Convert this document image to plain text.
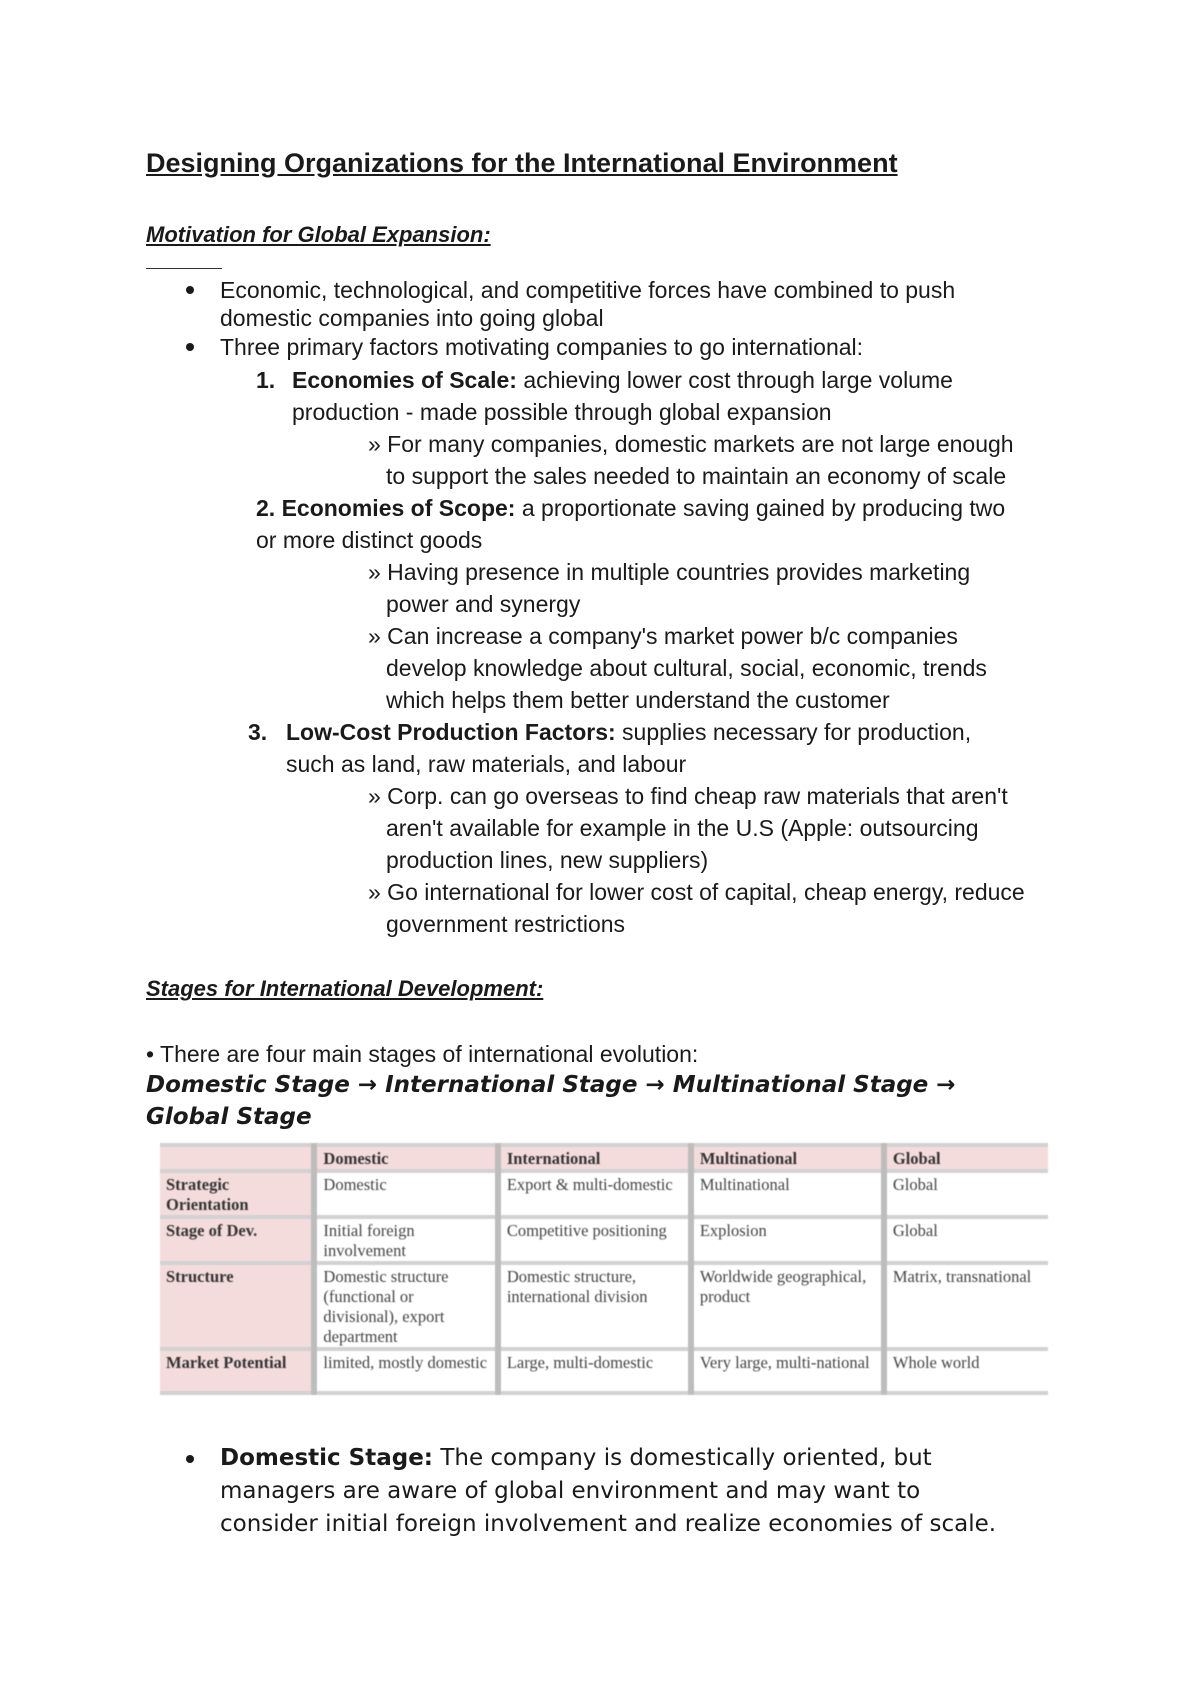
Designing Organizations for the International Environment
Motivation for Global Expansion:
Economic, technological, and competitive forces have combined to push
domestic companies into going global
Three primary factors motivating companies to go international:
1. Economies of Scale: achieving lower cost through large volume
production - made possible through global expansion
» For many companies, domestic markets are not large enough
to support the sales needed to maintain an economy of scale
2. Economies of Scope: a proportionate saving gained by producing two
or more distinct goods
» Having presence in multiple countries provides marketing
power and synergy
» Can increase a company's market power b/c companies
develop knowledge about cultural, social, economic, trends
which helps them better understand the customer
3. Low-Cost Production Factors: supplies necessary for production,
such as land, raw materials, and labour
» Corp. can go overseas to find cheap raw materials that aren't
aren't available for example in the U.S (Apple: outsourcing
production lines, new suppliers)
» Go international for lower cost of capital, cheap energy, reduce
government restrictions
Stages for International Development:
• There are four main stages of international evolution:
Domestic Stage → International Stage → Multinational Stage →
Global Stage
	Domestic	International	Multinational	Global
Strategic Orientation	Domestic	Export & multi-domestic	Multinational	Global
Stage of Dev.	Initial foreign involvement	Competitive positioning	Explosion	Global
Structure	Domestic structure (functional or divisional), export department	Domestic structure, international division	Worldwide geographical, product	Matrix, transnational
Market Potential	limited, mostly domestic	Large, multi-domestic	Very large, multi-national	Whole world
Domestic Stage: The company is domestically oriented, but
managers are aware of global environment and may want to
consider initial foreign involvement and realize economies of scale.
